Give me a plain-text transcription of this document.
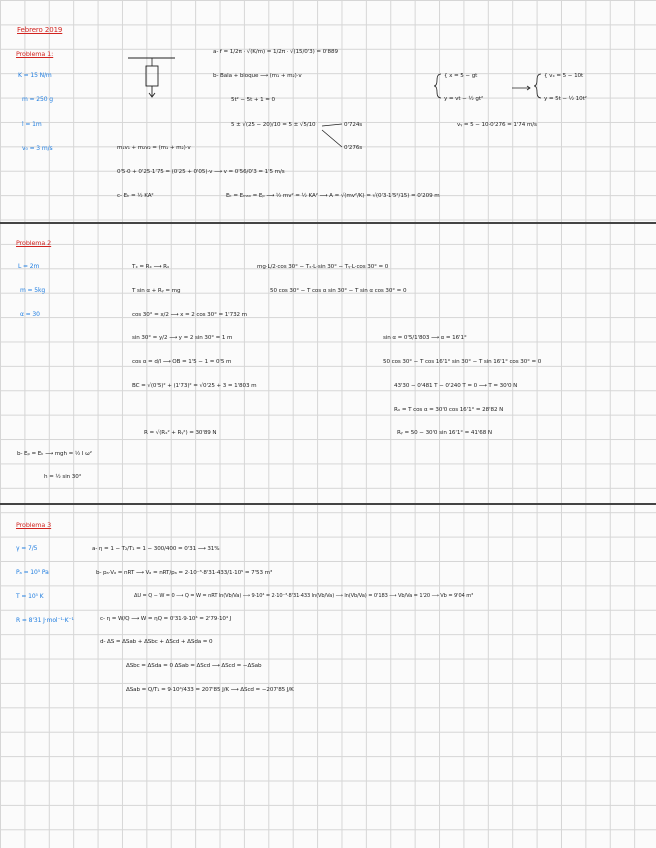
Febrero 2019
Problema 1:
K = 15 N/m
m = 250 g
l = 1m
v₀ = 3 m/s
a- f = 1/2π · √(K/m) = 1/2π · √(15/0'3) = 0'889
b- Bala + bloque ⟶ (m₁ + m₂)·v
5t² − 5t + 1 = 0
5 ± √(25 − 20)/10 = 5 ± √5/10	0'724s
0'276s
m₁v₁ + m₂v₂ = (m₁ + m₂)·v
0'5·0 + 0'25·1'75 = (0'25 + 0'05)·v ⟶ v = 0'56/0'3 = 1'5 m/s
c- Eₖ = ½ KA²	Eₖ = Eₘₐₓ = Eₚ ⟶ ½ mv² = ½ KA² ⟶ A = √(mv²/K) = √(0'3·1'5²/15) = 0'209 m
{ x = 5 − gt
y = vt − ½ gt²
{ vₓ = 5 − 10t
y = 5t − ½ 10t²
vᵧ = 5 − 10·0'276 = 1'74 m/s
Problema 2
L = 2m
m = 5kg
α = 30
Tₓ = Rₓ ⟶ Rₓ	mg·L/2·cos 30° − Tₓ·L·sin 30° − Tᵧ·L·cos 30° = 0
T sin α + Rᵧ = mg	50 cos 30° − T cos α sin 30° − T sin α cos 30° = 0
cos 30° = x/2 ⟶ x = 2 cos 30° = 1'732 m
sin 30° = y/2 ⟶ y = 2 sin 30° = 1 m
cos α = d/l ⟶ OB = 1'5 − 1 = 0'5 m
BC = √(0'5)² + (1'73)² = √0'25 + 3 = 1'803 m
R = √(Rₓ² + Rᵧ²) = 30'89 N
sin α = 0'5/1'803 ⟶ α = 16'1°
50 cos 30° − T cos 16'1° sin 30° − T sin 16'1° cos 30° = 0
43'30 − 0'481 T − 0'240 T = 0 ⟶ T = 30'0 N
Rₓ = T cos α = 30'0 cos 16'1° = 28'82 N
Rᵧ = 50 − 30'0 sin 16'1° = 41'68 N
b- Eₚ = Eₖ ⟶ mgh = ½ I ω²
h = ½ sin 30°
Problema 3
γ = 7/5
Pₐ = 10⁵ Pa
T = 10⁵ K
R = 8'31 J·mol⁻¹·K⁻¹
a- η = 1 − T₂/T₁ = 1 − 300/400 = 0'31 ⟶ 31%
b- pₐ·Vₐ = nRT ⟶ Vₐ = nRT/pₐ = 2·10⁻³·8'31·433/1·10⁵ = 7'53 m³
ΔU = Q − W = 0 ⟶ Q = W = nRT ln(Vb/Va) ⟶ 9·10⁴ = 2·10⁻³·8'31·433 ln(Vb/Va) ⟶ ln(Vb/Va) = 0'183 ⟶ Vb/Va = 1'20 ⟶ Vb = 9'04 m³
c- η = W/Q ⟶ W = ηQ = 0'31·9·10⁴ = 2'79·10⁴ J
d- ΔS = ΔSab + ΔSbc + ΔScd + ΔSda = 0
ΔSbc = ΔSda = 0 ΔSab = ΔScd ⟶ ΔScd = −ΔSab
ΔSab = Q/T₁ = 9·10⁴/433 = 207'85 J/K ⟶ ΔScd = −207'85 J/K
